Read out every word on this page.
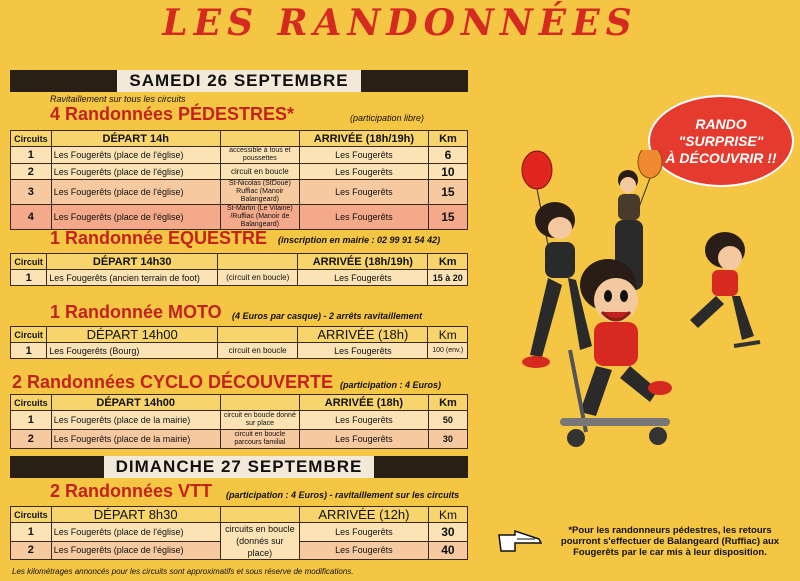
LES RANDONNÉES
SAMEDI 26 SEPTEMBRE
Ravitaillement sur tous les circuits
4 Randonnées PÉDESTRES*	(participation libre)
Circuits	DÉPART 14h		ARRIVÉE (18h/19h)	Km
1	Les Fougerêts (place de l'église)	accessible à tous et poussettes	Les Fougerêts	6
2	Les Fougerêts (place de l'église)	circuit en boucle	Les Fougerêts	10
3	Les Fougerêts (place de l'église)	St-Nicolas (StDoué) Ruffiac (Manoir Balangeard)	Les Fougerêts	15
4	Les Fougerêts (place de l'église)	St-Martin (Le Vilaine) /Ruffiac (Manoir de Balangeard)	Les Fougerêts	15
1 Randonnée EQUESTRE (inscription en mairie : 02 99 91 54 42)
Circuit	DÉPART 14h30		ARRIVÉE (18h/19h)	Km
1	Les Fougerêts (ancien terrain de foot)	(circuit en boucle)	Les Fougerêts	15 à 20
1 Randonnée MOTO (4 Euros par casque) - 2 arrêts ravitaillement
Circuit	DÉPART 14h00		ARRIVÉE (18h)	Km
1	Les Fougerêts (Bourg)	circuit en boucle	Les Fougerêts	100 (env.)
2 Randonnées CYCLO DÉCOUVERTE (participation : 4 Euros)
Circuits	DÉPART 14h00		ARRIVÉE (18h)	Km
1	Les Fougerêts (place de la mairie)	circuit en boucle donné sur place	Les Fougerêts	50
2	Les Fougerêts (place de la mairie)	circuit en boucle parcours familial	Les Fougerêts	30
DIMANCHE 27 SEPTEMBRE
2 Randonnées VTT (participation : 4 Euros) - ravitaillement sur les circuits
Circuits	DÉPART 8h30		ARRIVÉE (12h)	Km
1	Les Fougerêts (place de l'église)	circuits en boucle (donnés sur place)	Les Fougerêts	30
2	Les Fougerêts (place de l'église)		Les Fougerêts	40
Les kilométrages annoncés pour les circuits sont approximatifs et sous réserve de modifications.
RANDO
"SURPRISE"
À DÉCOUVRIR !!
*Pour les randonneurs pédestres, les retours pourront s'effectuer de Balangeard (Ruffiac) aux Fougerêts par le car mis à leur disposition.
